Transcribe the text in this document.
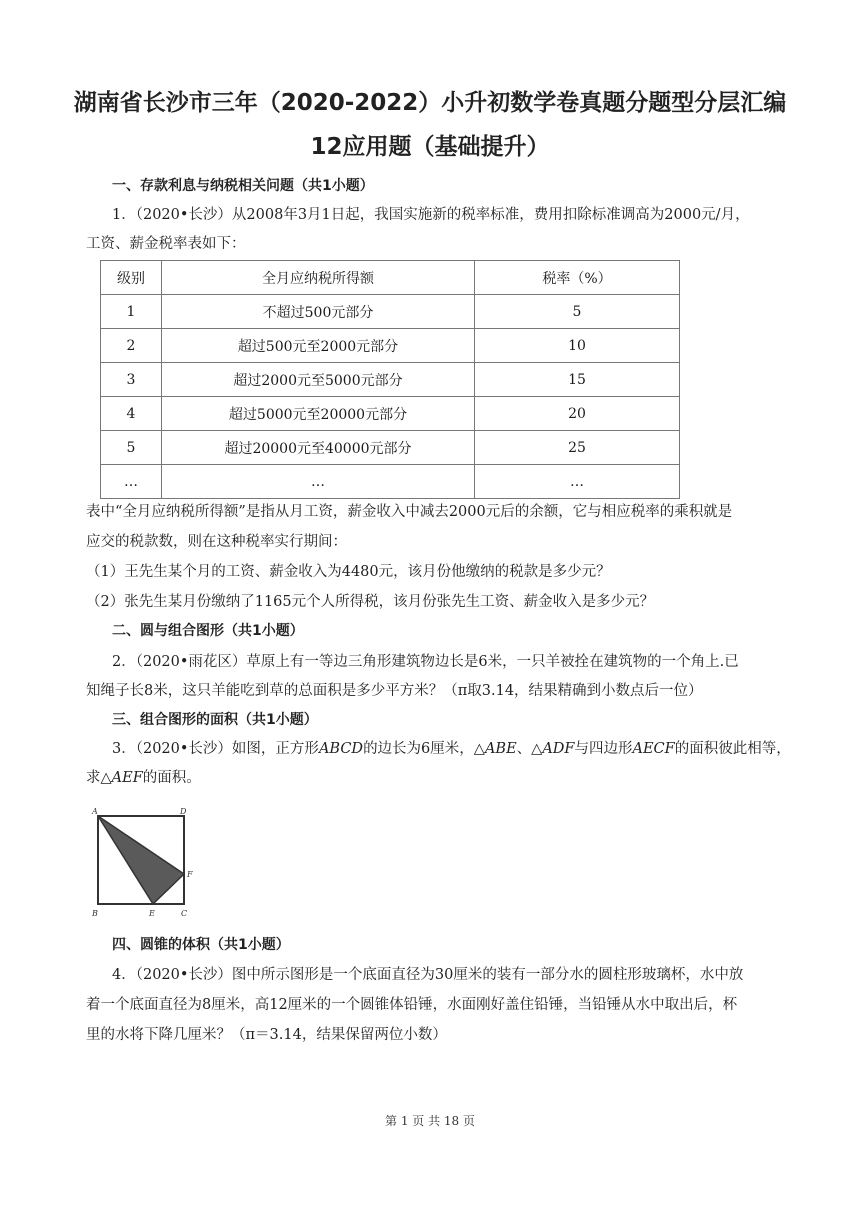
湖南省长沙市三年（2020-2022）小升初数学卷真题分题型分层汇编
12应用题（基础提升）
一、存款利息与纳税相关问题（共1小题）
1．（2020•长沙）从2008年3月1日起，我国实施新的税率标准，费用扣除标准调高为2000元/月，
工资、薪金税率表如下：
级别	全月应纳税所得额	税率（%）
1	不超过500元部分	5
2	超过500元至2000元部分	10
3	超过2000元至5000元部分	15
4	超过5000元至20000元部分	20
5	超过20000元至40000元部分	25
…	…	…
表中“全月应纳税所得额”是指从月工资，薪金收入中减去2000元后的余额，它与相应税率的乘积就是
应交的税款数，则在这种税率实行期间：
（1）王先生某个月的工资、薪金收入为4480元，该月份他缴纳的税款是多少元？
（2）张先生某月份缴纳了1165元个人所得税，该月份张先生工资、薪金收入是多少元？
二、圆与组合图形（共1小题）
2．（2020•雨花区）草原上有一等边三角形建筑物边长是6米，一只羊被拴在建筑物的一个角上.已
知绳子长8米，这只羊能吃到草的总面积是多少平方米？（π取3.14，结果精确到小数点后一位）
三、组合图形的面积（共1小题）
3．（2020•长沙）如图，正方形ABCD的边长为6厘米，△ABE、△ADF与四边形AECF的面积彼此相等，
求△AEF的面积。
A	D
B	E	C
F
四、圆锥的体积（共1小题）
4．（2020•长沙）图中所示图形是一个底面直径为30厘米的装有一部分水的圆柱形玻璃杯，水中放
着一个底面直径为8厘米，高12厘米的一个圆锥体铅锤，水面刚好盖住铅锤，当铅锤从水中取出后，杯
里的水将下降几厘米？（π＝3.14，结果保留两位小数）
第 1 页 共 18 页
